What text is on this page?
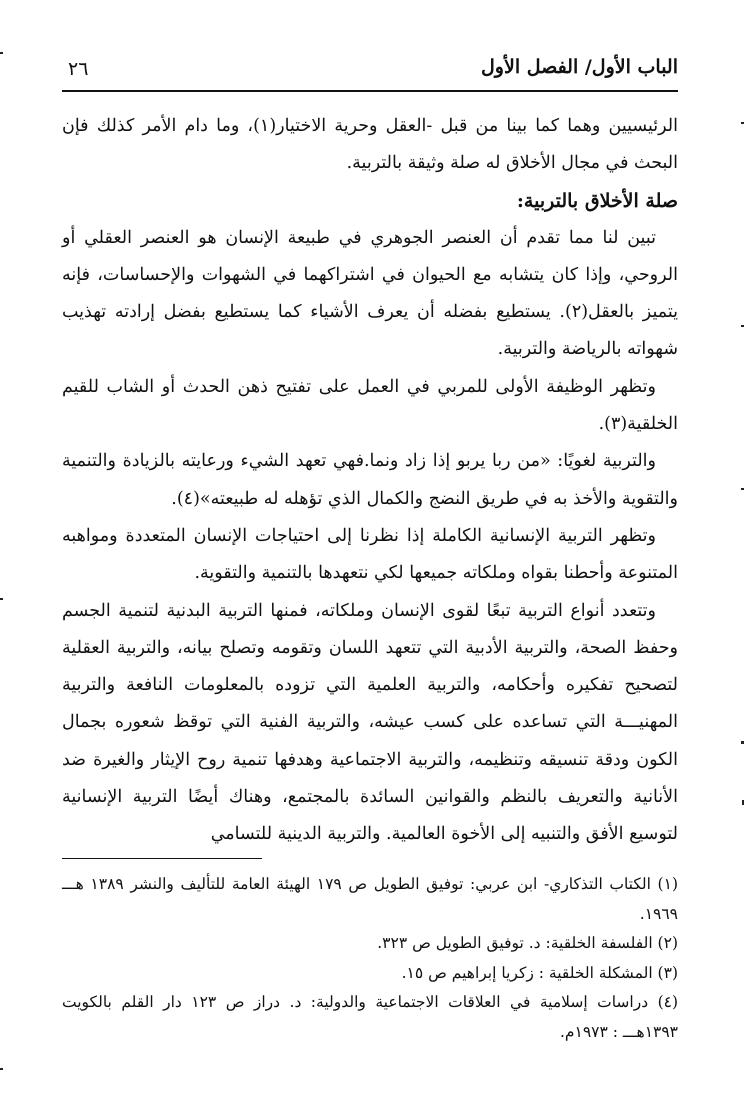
الباب الأول/ الفصل الأول
٢٦

الرئيسيين وهما كما بينا من قبل -العقل وحرية الاختيار(١)، وما دام الأمر كذلك فإن البحث في مجال الأخلاق له صلة وثيقة بالتربية.

صلة الأخلاق بالتربية:

تبين لنا مما تقدم أن العنصر الجوهري في طبيعة الإنسان هو العنصر العقلي أو الروحي، وإذا كان يتشابه مع الحيوان في اشتراكهما في الشهوات والإحساسات، فإنه يتميز بالعقل(٢). يستطيع بفضله أن يعرف الأشياء كما يستطيع بفضل إرادته تهذيب شهواته بالرياضة والتربية.

وتظهر الوظيفة الأولى للمربي في العمل على تفتيح ذهن الحدث أو الشاب للقيم الخلقية(٣).

والتربية لغويًا: «من ربا يربو إذا زاد ونما.فهي تعهد الشيء ورعايته بالزيادة والتنمية والتقوية والأخذ به في طريق النضج والكمال الذي تؤهله له طبيعته»(٤).

وتظهر التربية الإنسانية الكاملة إذا نظرنا إلى احتياجات الإنسان المتعددة ومواهبه المتنوعة وأحطنا بقواه وملكاته جميعها لكي نتعهدها بالتنمية والتقوية.

وتتعدد أنواع التربية تبعًا لقوى الإنسان وملكاته، فمنها التربية البدنية لتنمية الجسم وحفظ الصحة، والتربية الأدبية التي تتعهد اللسان وتقومه وتصلح بيانه، والتربية العقلية لتصحيح تفكيره وأحكامه، والتربية العلمية التي تزوده بالمعلومات النافعة والتربية المهنيـــة التي تساعده على كسب عيشه، والتربية الفنية التي توقظ شعوره بجمال الكون ودقة تنسيقه وتنظيمه، والتربية الاجتماعية وهدفها تنمية روح الإيثار والغيرة ضد الأنانية والتعريف بالنظم والقوانين السائدة بالمجتمع، وهناك أيضًا التربية الإنسانية لتوسيع الأفق والتنبيه إلى الأخوة العالمية. والتربية الدينية للتسامي

(١) الكتاب التذكاري- ابن عربي: توفيق الطويل ص ١٧٩ الهيئة العامة للتأليف والنشر ١٣٨٩ هـــ ١٩٦٩.

(٢) الفلسفة الخلقية: د. توفيق الطويل ص ٣٢٣.

(٣) المشكلة الخلقية : زكريا إبراهيم ص ١٥.

(٤) دراسات إسلامية في العلاقات الاجتماعية والدولية: د. دراز ص ١٢٣ دار القلم بالكويت ١٣٩٣هـــ : ١٩٧٣م.
